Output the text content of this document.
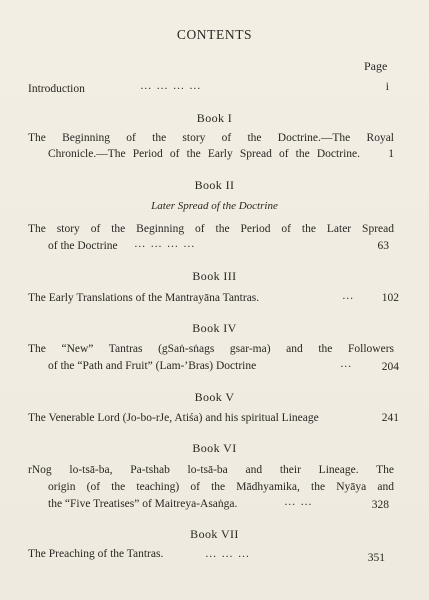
CONTENTS
Page
Introduction	… … … …	i
Book I
The Beginning of the story of the Doctrine.—The Royal
Chronicle.—The Period of the Early Spread of the Doctrine.	1
Book II
Later Spread of the Doctrine
The story of the Beginning of the Period of the Later Spread
of the Doctrine	… … … …	63
Book III
The Early Translations of the Mantrayāna Tantras.	…	102
Book IV
The “New” Tantras (gSaṅ-sṅags gsar-ma) and the Followers
of the “Path and Fruit” (Lam-’Bras) Doctrine	…	204
Book V
The Venerable Lord (Jo-bo-rJe, Atiśa) and his spiritual Lineage	241
Book VI
rNog lo-tsā-ba, Pa-tshab lo-tsā-ba and their Lineage. The
origin (of the teaching) of the Mādhyamika, the Nyāya and
the “Five Treatises” of Maitreya-Asaṅga.	… …	328
Book VII
The Preaching of the Tantras.	… … …	351
